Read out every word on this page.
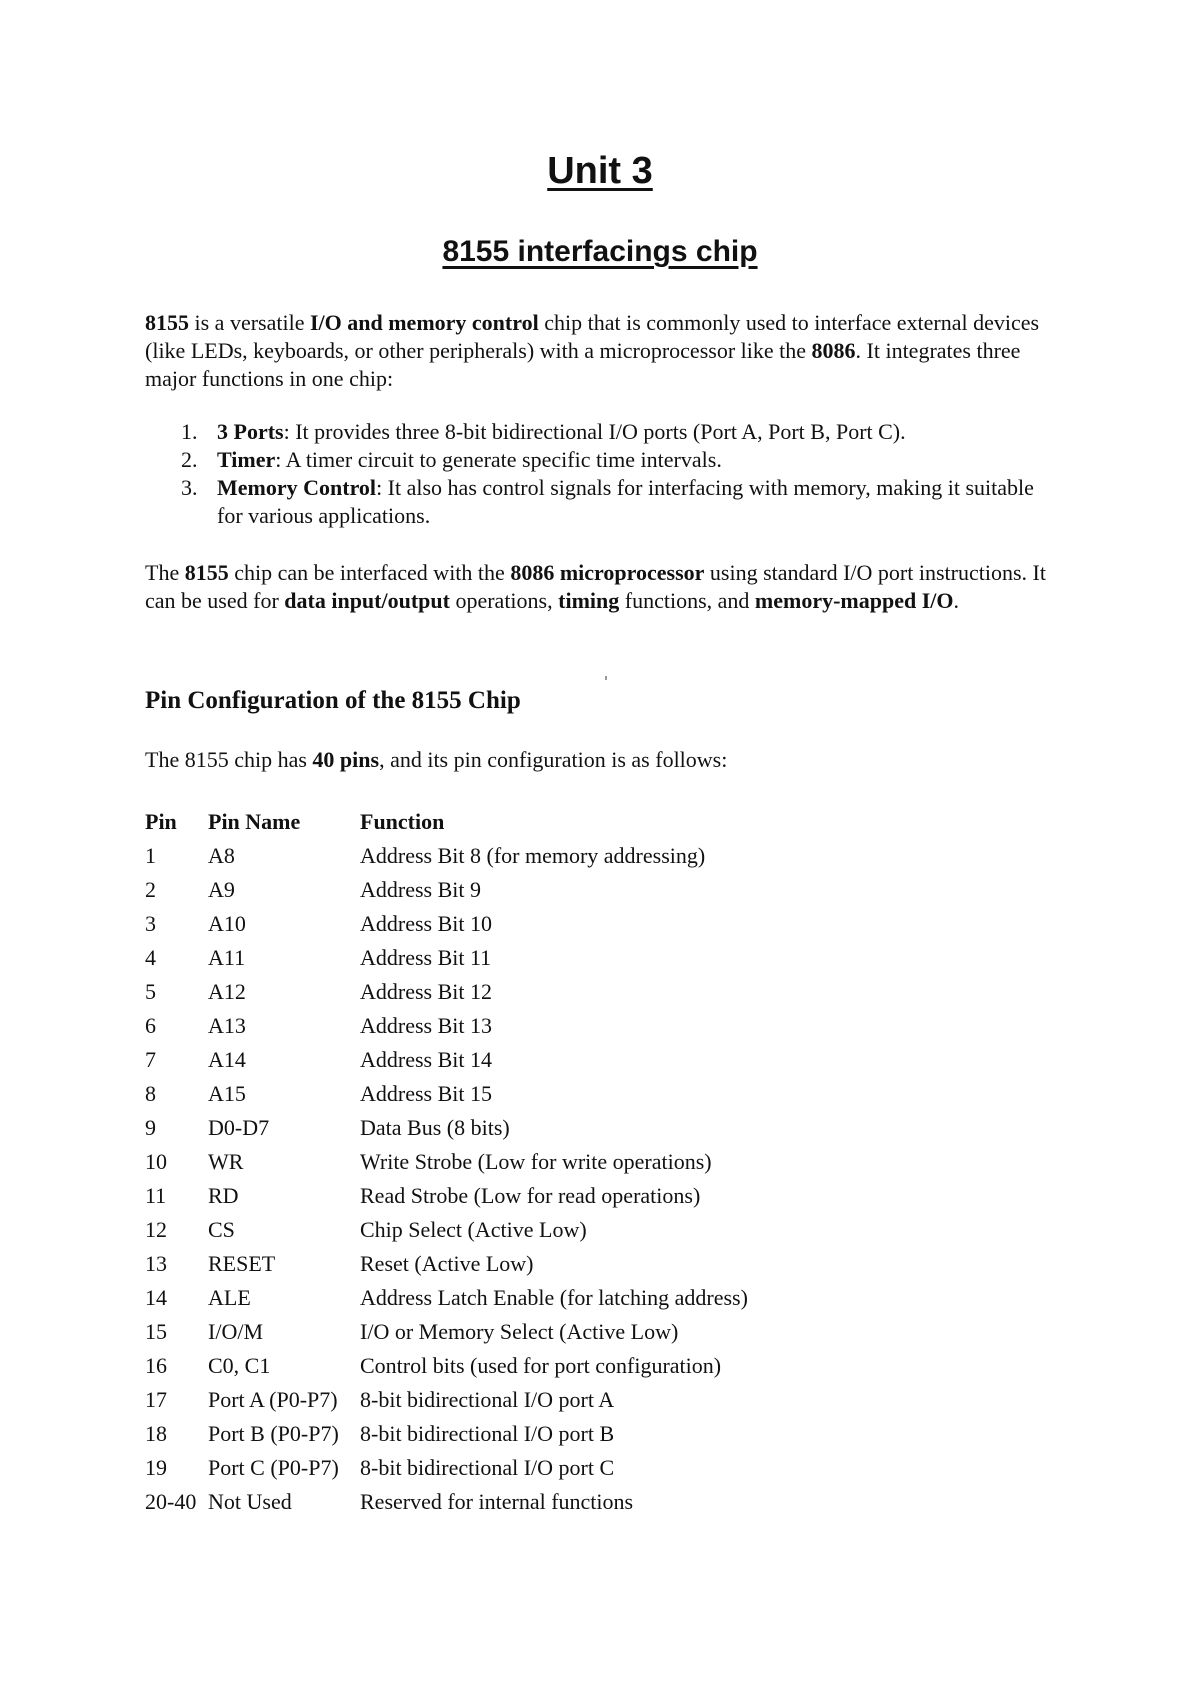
Unit 3
8155 interfacings chip

8155 is a versatile I/O and memory control chip that is commonly used to interface external devices (like LEDs, keyboards, or other peripherals) with a microprocessor like the 8086. It integrates three major functions in one chip:

1. 3 Ports: It provides three 8-bit bidirectional I/O ports (Port A, Port B, Port C).
2. Timer: A timer circuit to generate specific time intervals.
3. Memory Control: It also has control signals for interfacing with memory, making it suitable for various applications.

The 8155 chip can be interfaced with the 8086 microprocessor using standard I/O port instructions. It can be used for data input/output operations, timing functions, and memory-mapped I/O.

Pin Configuration of the 8155 Chip

The 8155 chip has 40 pins, and its pin configuration is as follows:

Pin	Pin Name	Function
1	A8	Address Bit 8 (for memory addressing)
2	A9	Address Bit 9
3	A10	Address Bit 10
4	A11	Address Bit 11
5	A12	Address Bit 12
6	A13	Address Bit 13
7	A14	Address Bit 14
8	A15	Address Bit 15
9	D0-D7	Data Bus (8 bits)
10	WR	Write Strobe (Low for write operations)
11	RD	Read Strobe (Low for read operations)
12	CS	Chip Select (Active Low)
13	RESET	Reset (Active Low)
14	ALE	Address Latch Enable (for latching address)
15	I/O/M	I/O or Memory Select (Active Low)
16	C0, C1	Control bits (used for port configuration)
17	Port A (P0-P7)	8-bit bidirectional I/O port A
18	Port B (P0-P7)	8-bit bidirectional I/O port B
19	Port C (P0-P7)	8-bit bidirectional I/O port C
20-40	Not Used	Reserved for internal functions
